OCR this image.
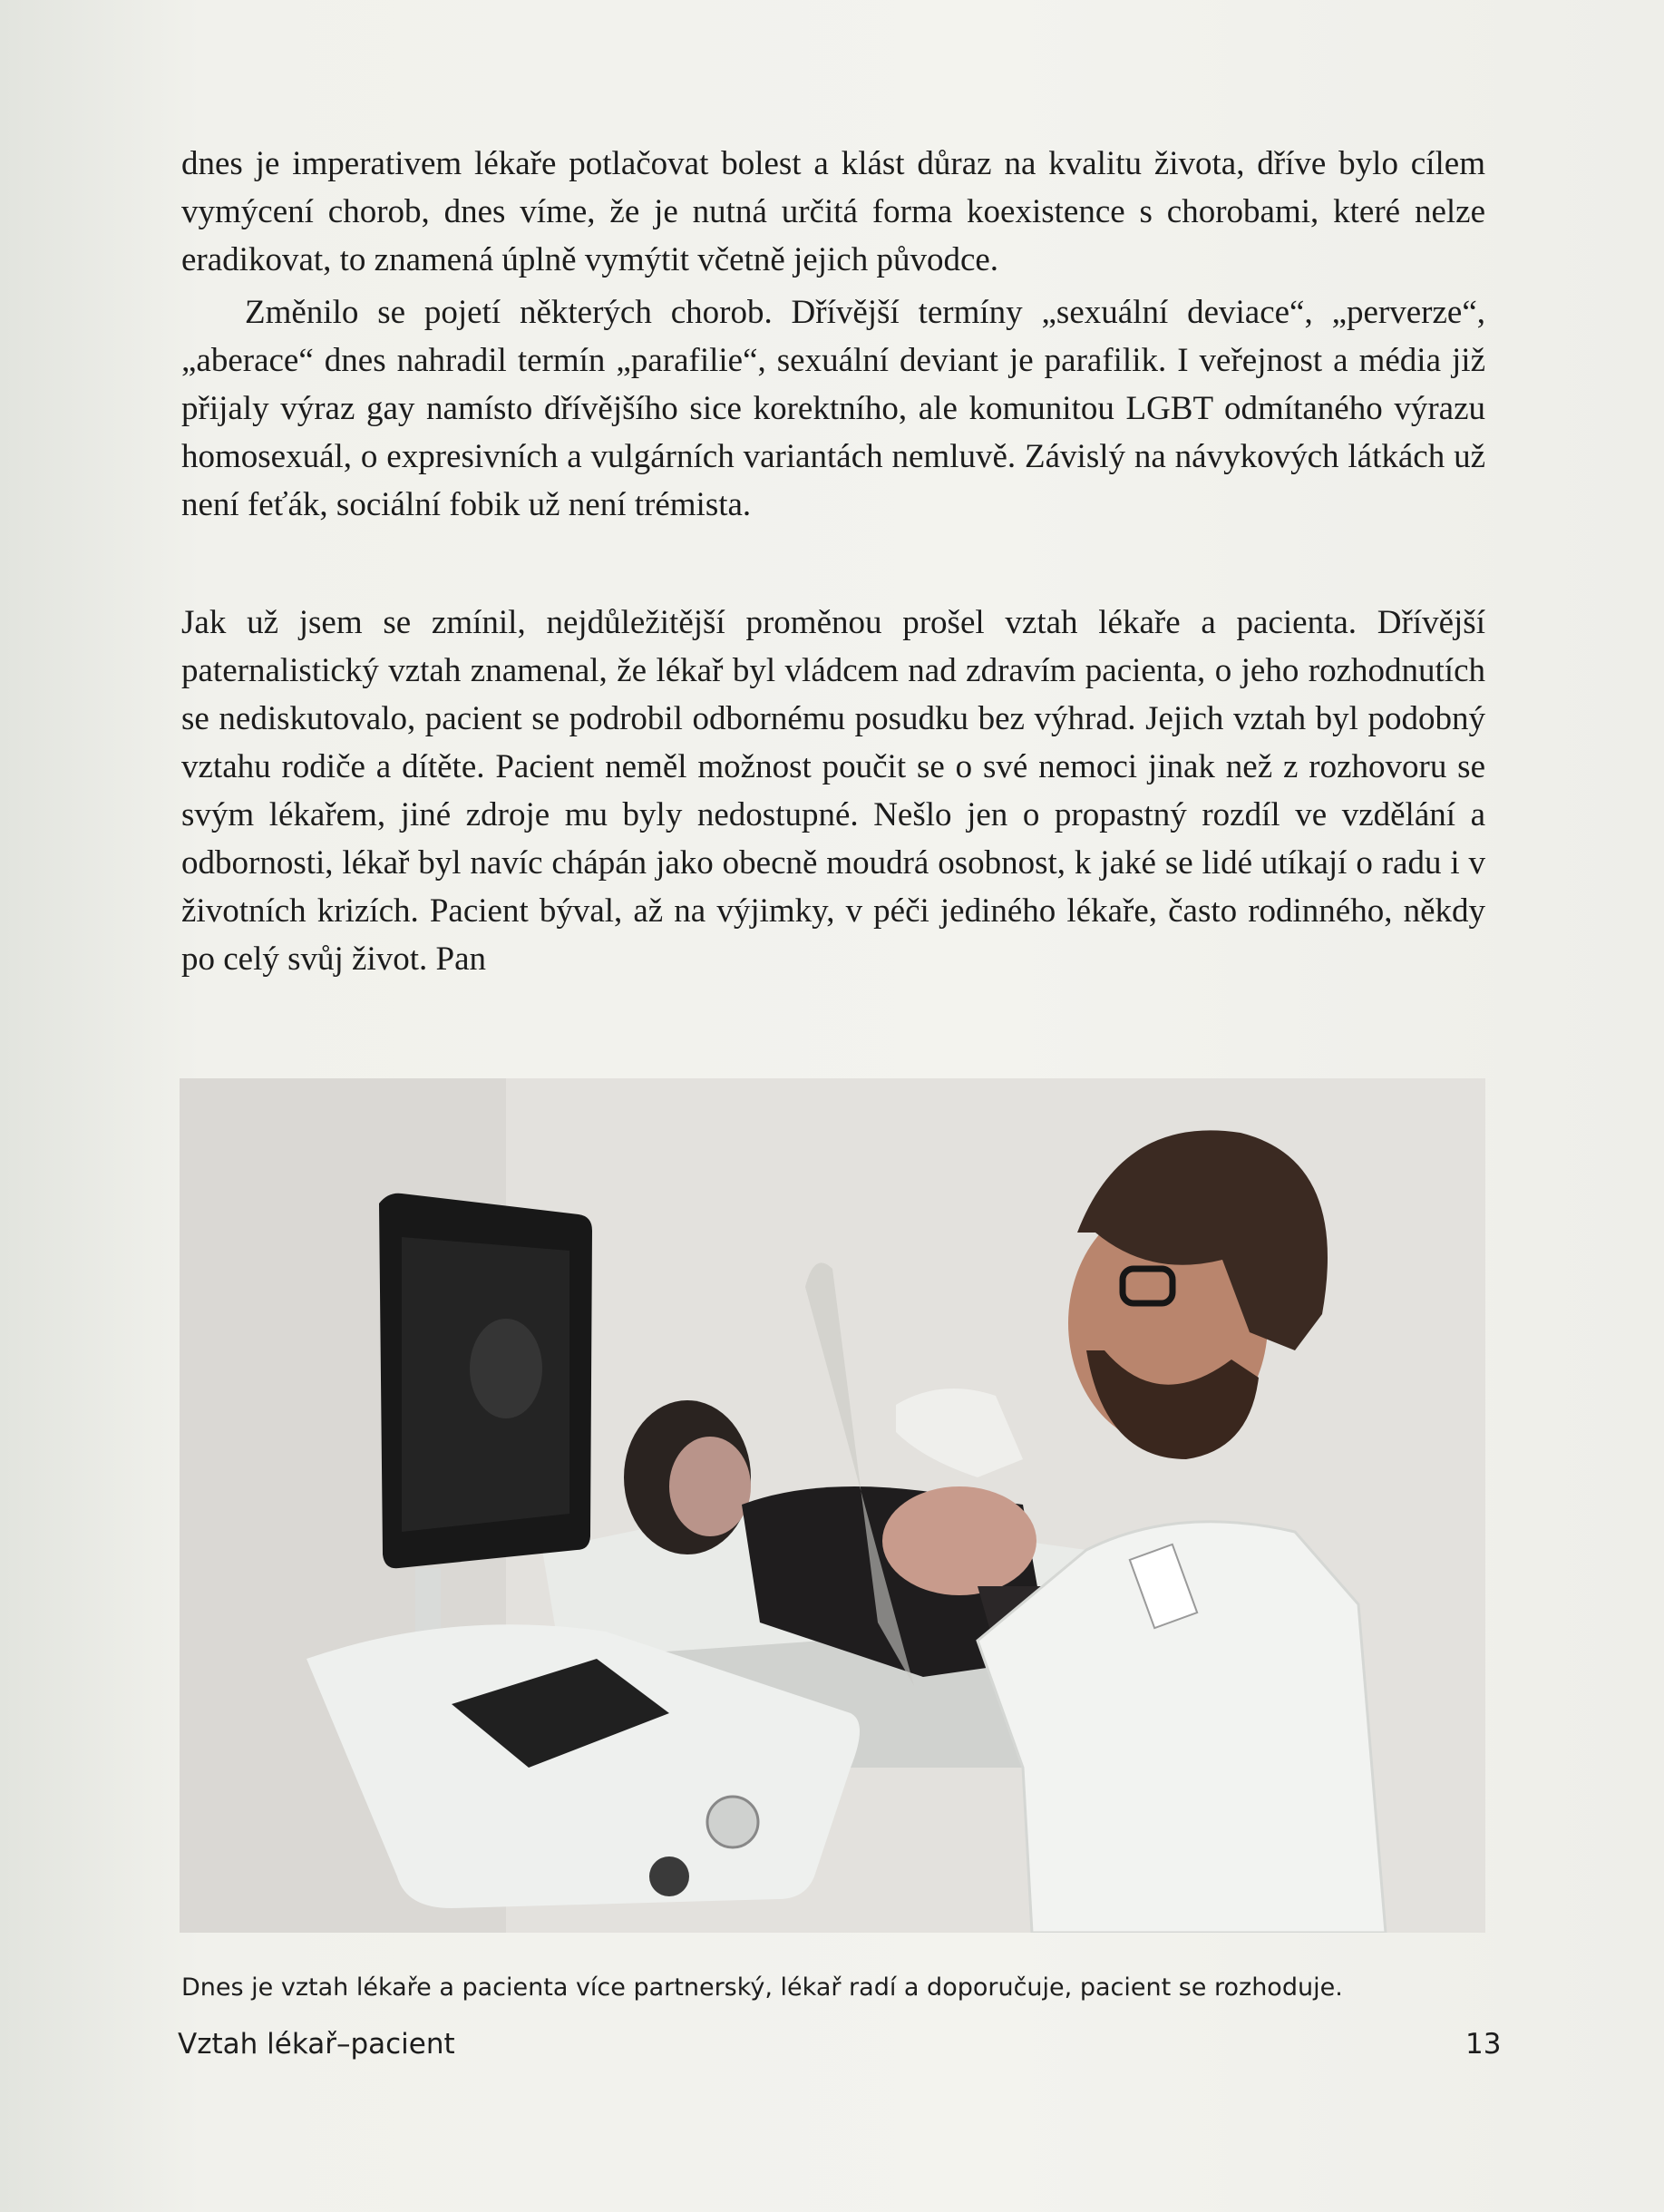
dnes je imperativem lékaře potlačovat bolest a klást důraz na kvalitu života, dříve bylo cílem vymýcení chorob, dnes víme, že je nutná určitá forma koexistence s chorobami, které nelze eradikovat, to znamená úplně vymýtit včetně jejich původce.

Změnilo se pojetí některých chorob. Dřívější termíny „sexuální deviace“, „perverze“, „aberace“ dnes nahradil termín „parafilie“, sexuální deviant je parafilik. I veřejnost a média již přijaly výraz gay namísto dřívějšího sice korektního, ale komunitou LGBT odmítaného výrazu homosexuál, o expresivních a vulgárních variantách nemluvě. Závislý na návykových látkách už není feťák, sociální fobik už není trémista.

Jak už jsem se zmínil, nejdůležitější proměnou prošel vztah lékaře a pacienta. Dřívější paternalistický vztah znamenal, že lékař byl vládcem nad zdravím pacienta, o jeho rozhodnutích se nediskutovalo, pacient se podrobil odbornému posudku bez výhrad. Jejich vztah byl podobný vztahu rodiče a dítěte. Pacient neměl možnost poučit se o své nemoci jinak než z rozhovoru se svým lékařem, jiné zdroje mu byly nedostupné. Nešlo jen o propastný rozdíl ve vzdělání a odbornosti, lékař byl navíc chápán jako obecně moudrá osobnost, k jaké se lidé utíkají o radu i v životních krizích. Pacient býval, až na výjimky, v péči jediného lékaře, často rodinného, někdy po celý svůj život. Pan

Dnes je vztah lékaře a pacienta více partnerský, lékař radí a doporučuje, pacient se rozhoduje.
Vztah lékař–pacient	13
